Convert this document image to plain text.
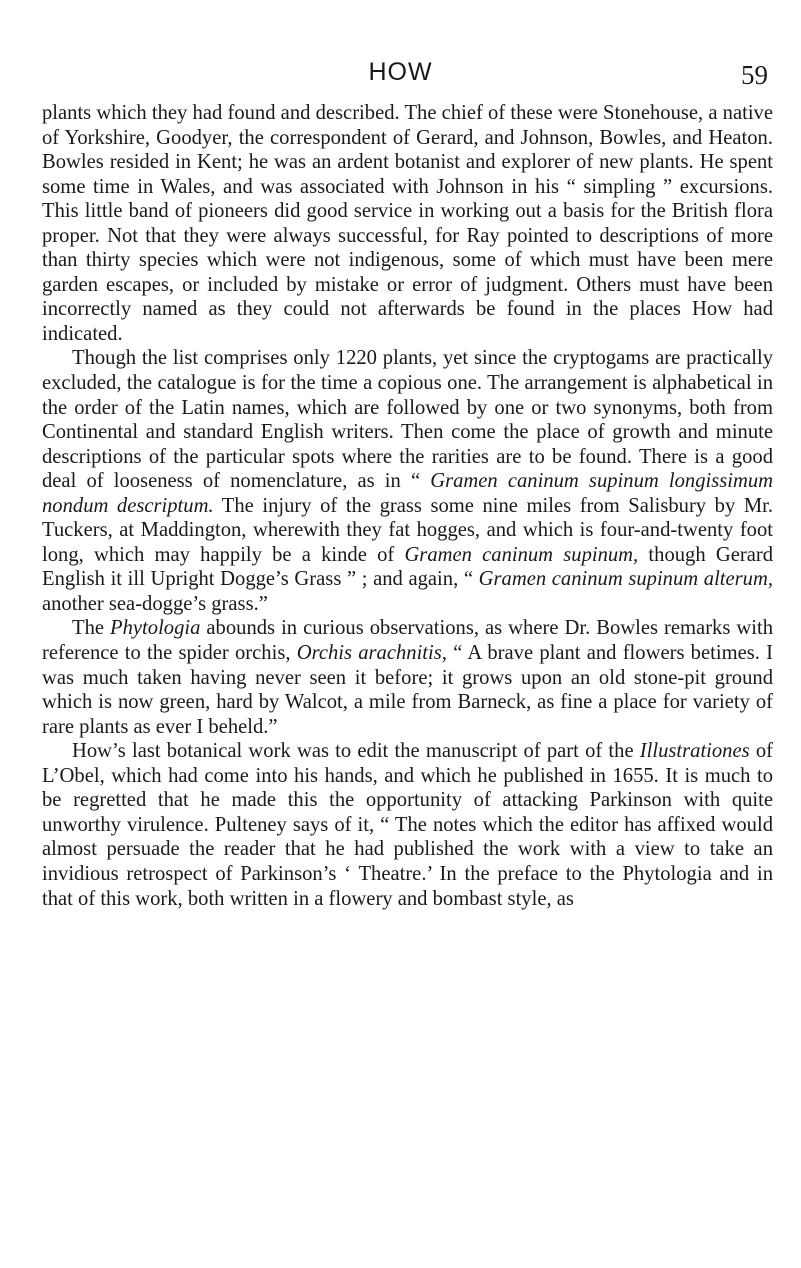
HOW	59

plants which they had found and described. The chief of these were Stonehouse, a native of Yorkshire, Goodyer, the correspondent of Gerard, and Johnson, Bowles, and Heaton. Bowles resided in Kent; he was an ardent botanist and explorer of new plants. He spent some time in Wales, and was associated with Johnson in his “ simpling ” excursions. This little band of pioneers did good service in working out a basis for the British flora proper. Not that they were always successful, for Ray pointed to descriptions of more than thirty species which were not indigenous, some of which must have been mere garden escapes, or included by mistake or error of judgment. Others must have been incorrectly named as they could not afterwards be found in the places How had indicated.

Though the list comprises only 1220 plants, yet since the cryptogams are practically excluded, the catalogue is for the time a copious one. The arrangement is alphabetical in the order of the Latin names, which are followed by one or two synonyms, both from Continental and standard English writers. Then come the place of growth and minute descriptions of the particular spots where the rarities are to be found. There is a good deal of looseness of nomenclature, as in “ Gramen caninum supinum longissimum nondum descriptum. The injury of the grass some nine miles from Salisbury by Mr. Tuckers, at Maddington, wherewith they fat hogges, and which is four-and-twenty foot long, which may happily be a kinde of Gramen caninum supinum, though Gerard English it ill Upright Dogge’s Grass ” ; and again, “ Gramen caninum supinum alterum, another sea-dogge’s grass.”

The Phytologia abounds in curious observations, as where Dr. Bowles remarks with reference to the spider orchis, Orchis arachnitis, “ A brave plant and flowers betimes. I was much taken having never seen it before; it grows upon an old stone-pit ground which is now green, hard by Walcot, a mile from Barneck, as fine a place for variety of rare plants as ever I beheld.”

How’s last botanical work was to edit the manuscript of part of the Illustrationes of L’Obel, which had come into his hands, and which he published in 1655. It is much to be regretted that he made this the opportunity of attacking Parkinson with quite unworthy virulence. Pulteney says of it, “ The notes which the editor has affixed would almost persuade the reader that he had published the work with a view to take an invidious retrospect of Parkinson’s ‘ Theatre.’ In the preface to the Phytologia and in that of this work, both written in a flowery and bombast style, as
